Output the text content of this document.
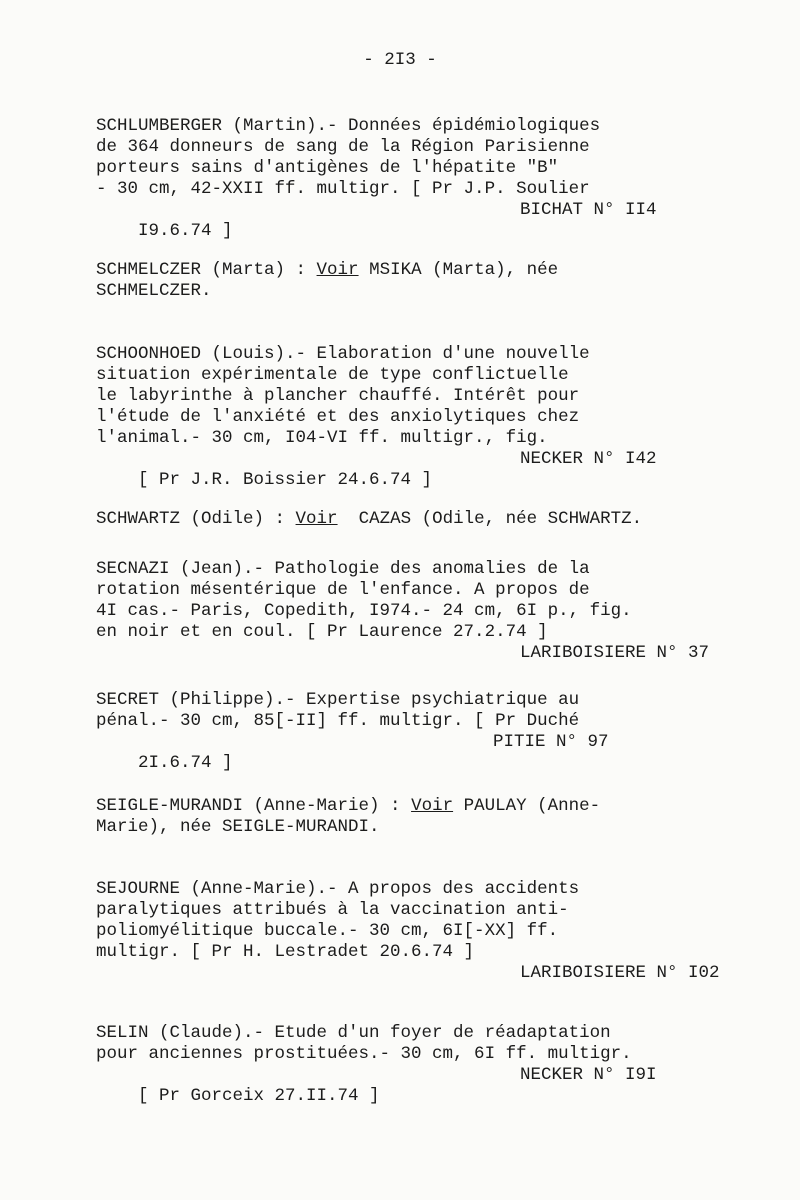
- 2I3 -
SCHLUMBERGER (Martin).- Données épidémiologiques
de 364 donneurs de sang de la Région Parisienne
porteurs sains d'antigènes de l'hépatite "B"
- 30 cm, 42-XXII ff. multigr. [ Pr J.P. Soulier

I9.6.74 ]

BICHAT N° II4

SCHMELCZER (Marta) : Voir MSIKA (Marta), née
SCHMELCZER.
SCHOONHOED (Louis).- Elaboration d'une nouvelle
situation expérimentale de type conflictuelle
le labyrinthe à plancher chauffé. Intérêt pour
l'étude de l'anxiété et des anxiolytiques chez
l'animal.- 30 cm, I04-VI ff. multigr., fig.

[ Pr J.R. Boissier 24.6.74 ]

NECKER N° I42

SCHWARTZ (Odile) : Voir  CAZAS (Odile, née SCHWARTZ.
SECNAZI (Jean).- Pathologie des anomalies de la
rotation mésentérique de l'enfance. A propos de
4I cas.- Paris, Copedith, I974.- 24 cm, 6I p., fig.
en noir et en coul. [ Pr Laurence 27.2.74 ]

LARIBOISIERE N° 37

SECRET (Philippe).- Expertise psychiatrique au
pénal.- 30 cm, 85[-II] ff. multigr. [ Pr Duché

2I.6.74 ]

PITIE N° 97

SEIGLE-MURANDI (Anne-Marie) : Voir PAULAY (Anne-
Marie), née SEIGLE-MURANDI.
SEJOURNE (Anne-Marie).- A propos des accidents
paralytiques attribués à la vaccination anti-
poliomyélitique buccale.- 30 cm, 6I[-XX] ff.
multigr. [ Pr H. Lestradet 20.6.74 ]

LARIBOISIERE N° I02

SELIN (Claude).- Etude d'un foyer de réadaptation
pour anciennes prostituées.- 30 cm, 6I ff. multigr.

[ Pr Gorceix 27.II.74 ]

NECKER N° I9I
